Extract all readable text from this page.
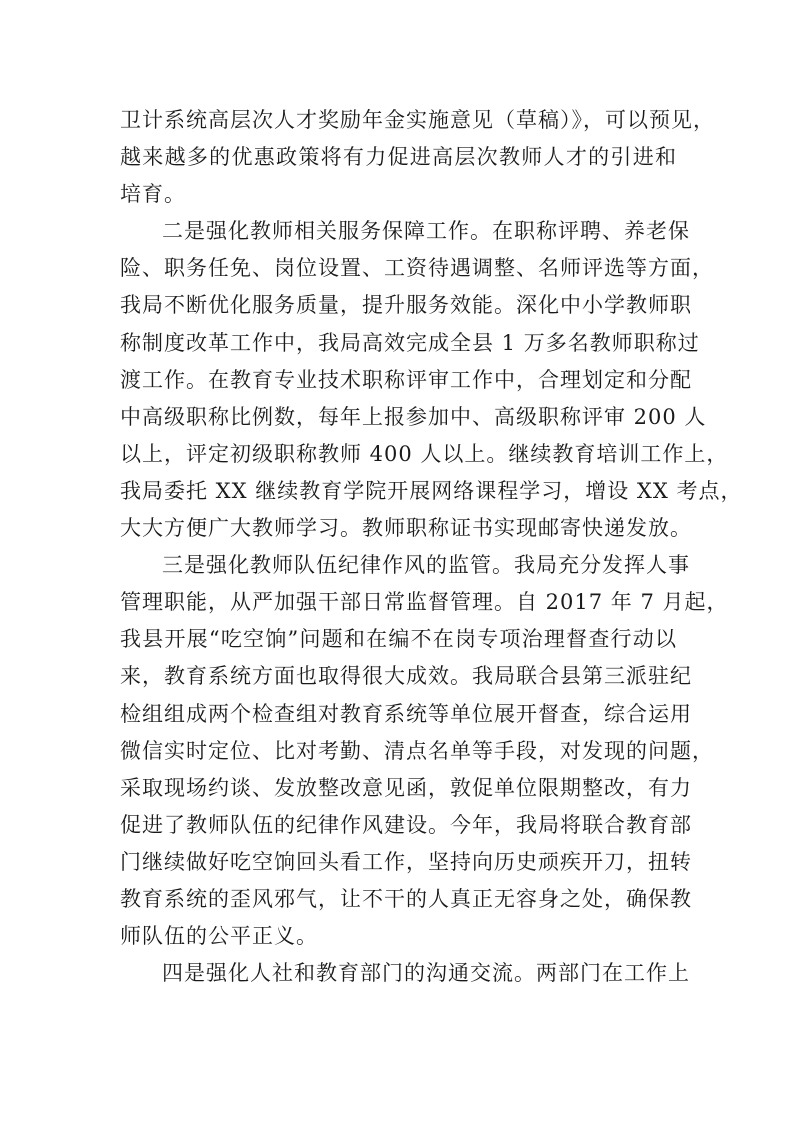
卫计系统高层次人才奖励年金实施意见（草稿）》，可以预见，
越来越多的优惠政策将有力促进高层次教师人才的引进和
培育。
二是强化教师相关服务保障工作。在职称评聘、养老保
险、职务任免、岗位设置、工资待遇调整、名师评选等方面，
我局不断优化服务质量，提升服务效能。深化中小学教师职
称制度改革工作中，我局高效完成全县 1 万多名教师职称过
渡工作。在教育专业技术职称评审工作中，合理划定和分配
中高级职称比例数，每年上报参加中、高级职称评审 200 人
以上，评定初级职称教师 400 人以上。继续教育培训工作上，
我局委托 XX 继续教育学院开展网络课程学习，增设 XX 考点，
大大方便广大教师学习。教师职称证书实现邮寄快递发放。
三是强化教师队伍纪律作风的监管。我局充分发挥人事
管理职能，从严加强干部日常监督管理。自 2017 年 7 月起，
我县开展“吃空饷”问题和在编不在岗专项治理督查行动以
来，教育系统方面也取得很大成效。我局联合县第三派驻纪
检组组成两个检查组对教育系统等单位展开督查，综合运用
微信实时定位、比对考勤、清点名单等手段，对发现的问题，
采取现场约谈、发放整改意见函，敦促单位限期整改，有力
促进了教师队伍的纪律作风建设。今年，我局将联合教育部
门继续做好吃空饷回头看工作，坚持向历史顽疾开刀，扭转
教育系统的歪风邪气，让不干的人真正无容身之处，确保教
师队伍的公平正义。
四是强化人社和教育部门的沟通交流。两部门在工作上
